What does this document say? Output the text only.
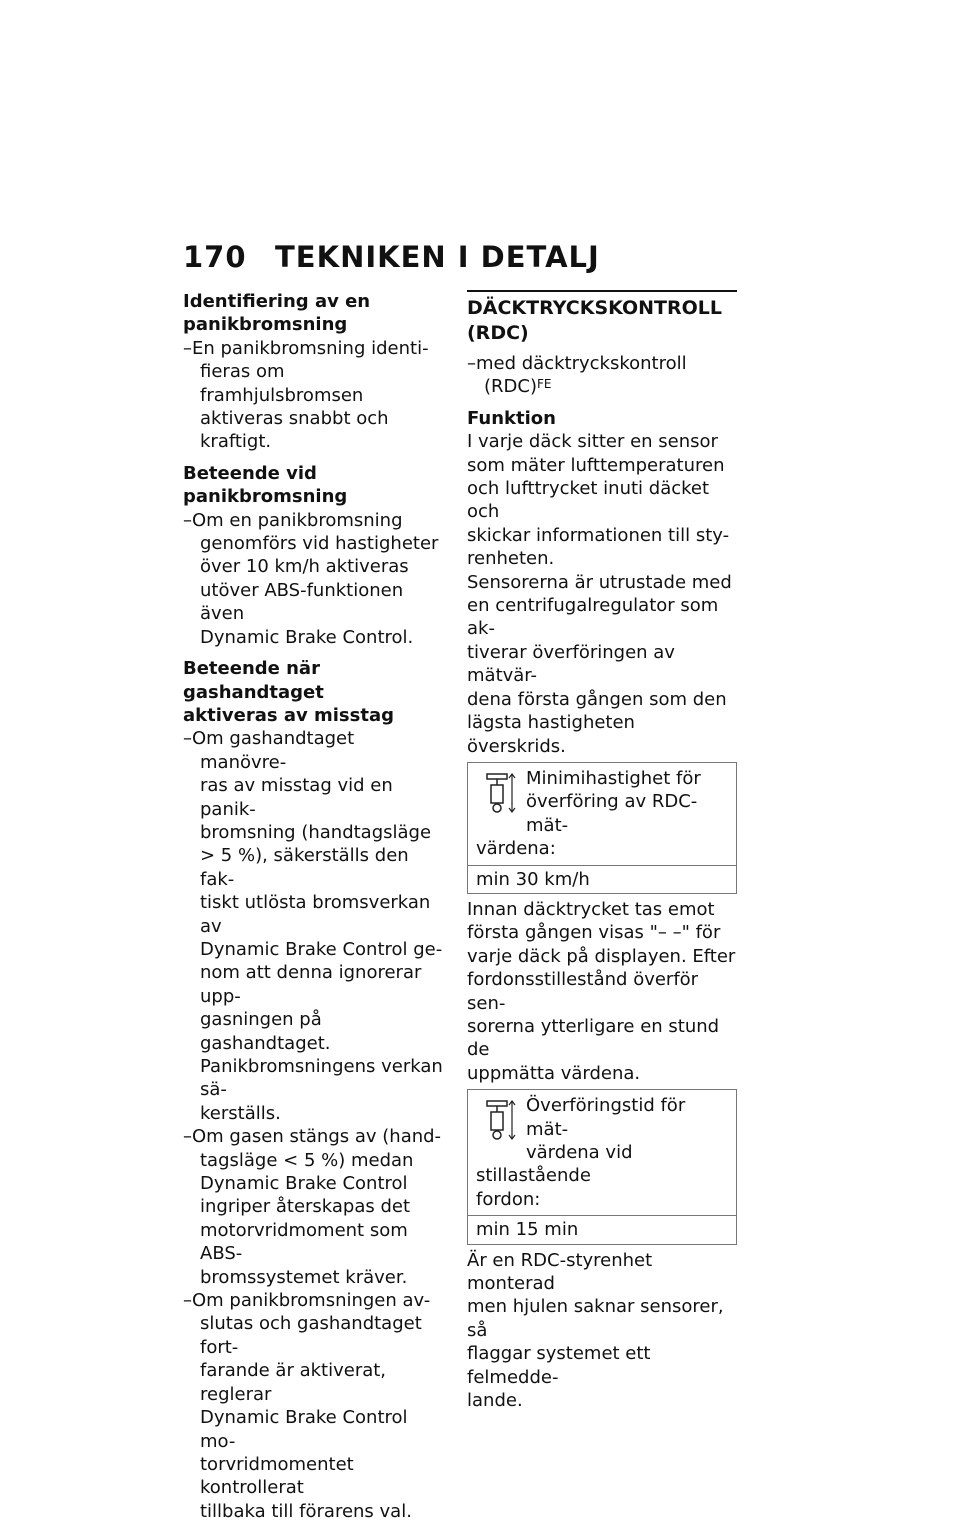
170 TEKNIKEN I DETALJ

Identifiering av en
panikbromsning

–En panikbromsning identi-
fieras om framhjulsbromsen
aktiveras snabbt och kraftigt.

Beteende vid panikbromsning

–Om en panikbromsning
genomförs vid hastigheter
över 10 km/h aktiveras
utöver ABS-funktionen även
Dynamic Brake Control.

Beteende när gashandtaget
aktiveras av misstag

–Om gashandtaget manövre-
ras av misstag vid en panik-
bromsning (handtagsläge
> 5 %), säkerställs den fak-
tiskt utlösta bromsverkan av
Dynamic Brake Control ge-
nom att denna ignorerar upp-
gasningen på gashandtaget.
Panikbromsningens verkan sä-
kerställs.
–Om gasen stängs av (hand-
tagsläge < 5 %) medan
Dynamic Brake Control
ingriper återskapas det
motorvridmoment som ABS-
bromssystemet kräver.
–Om panikbromsningen av-
slutas och gashandtaget fort-
farande är aktiverat, reglerar
Dynamic Brake Control mo-
torvridmomentet kontrollerat
tillbaka till förarens val.

DÄCKTRYCKSKONTROLL
(RDC)

–med däcktryckskontroll
(RDC)$^{FE}$

Funktion

I varje däck sitter en sensor
som mäter lufttemperaturen
och lufttrycket inuti däcket och
skickar informationen till sty-
renheten.

Sensorerna är utrustade med
en centrifugalregulator som ak-
tiverar överföringen av mätvär-
dena första gången som den
lägsta hastigheten överskrids.

Minimihastighet för
överföring av RDC-mät-
värdena:
min 30 km/h

Innan däcktrycket tas emot
första gången visas "– –" för
varje däck på displayen. Efter
fordonsstillestånd överför sen-
sorerna ytterligare en stund de
uppmätta värdena.

Överföringstid för mät-
värdena vid stillastående
fordon:
min 15 min

Är en RDC-styrenhet monterad
men hjulen saknar sensorer, så
flaggar systemet ett felmedde-
lande.
